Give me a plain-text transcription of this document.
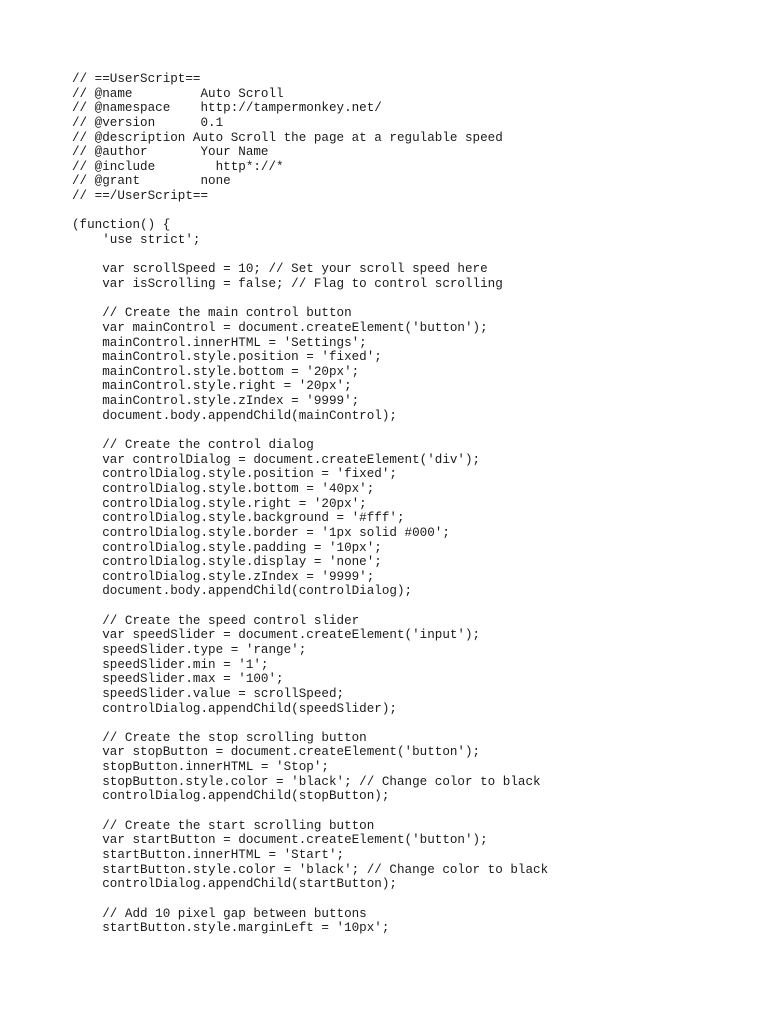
// ==UserScript==
// @name         Auto Scroll
// @namespace    http://tampermonkey.net/
// @version      0.1
// @description Auto Scroll the page at a regulable speed
// @author       Your Name
// @include        http*://*
// @grant        none
// ==/UserScript==
(function() {
'use strict';
var scrollSpeed = 10; // Set your scroll speed here
var isScrolling = false; // Flag to control scrolling
// Create the main control button
var mainControl = document.createElement('button');
mainControl.innerHTML = 'Settings';
mainControl.style.position = 'fixed';
mainControl.style.bottom = '20px';
mainControl.style.right = '20px';
mainControl.style.zIndex = '9999';
document.body.appendChild(mainControl);
// Create the control dialog
var controlDialog = document.createElement('div');
controlDialog.style.position = 'fixed';
controlDialog.style.bottom = '40px';
controlDialog.style.right = '20px';
controlDialog.style.background = '#fff';
controlDialog.style.border = '1px solid #000';
controlDialog.style.padding = '10px';
controlDialog.style.display = 'none';
controlDialog.style.zIndex = '9999';
document.body.appendChild(controlDialog);
// Create the speed control slider
var speedSlider = document.createElement('input');
speedSlider.type = 'range';
speedSlider.min = '1';
speedSlider.max = '100';
speedSlider.value = scrollSpeed;
controlDialog.appendChild(speedSlider);
// Create the stop scrolling button
var stopButton = document.createElement('button');
stopButton.innerHTML = 'Stop';
stopButton.style.color = 'black'; // Change color to black
controlDialog.appendChild(stopButton);
// Create the start scrolling button
var startButton = document.createElement('button');
startButton.innerHTML = 'Start';
startButton.style.color = 'black'; // Change color to black
controlDialog.appendChild(startButton);
// Add 10 pixel gap between buttons
startButton.style.marginLeft = '10px';
